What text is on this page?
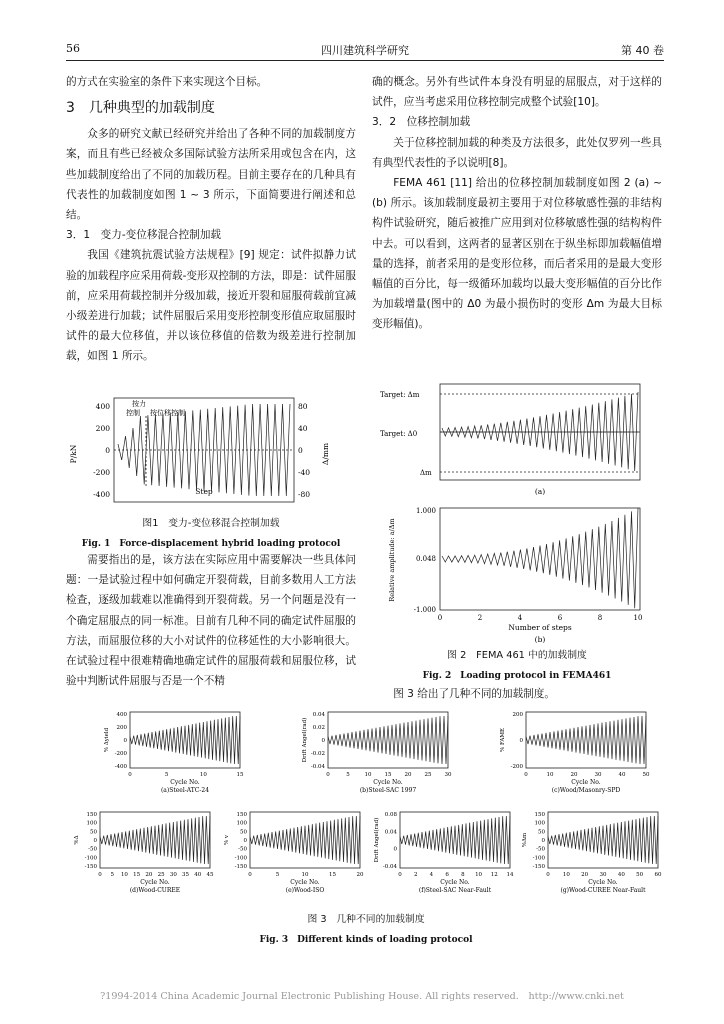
56	四川建筑科学研究	第 40 卷

的方式在实验室的条件下来实现这个目标。

3　几种典型的加载制度

众多的研究文献已经研究并给出了各种不同的加载制度方案，而且有些已经被众多国际试验方法所采用或包含在内，这些加载制度给出了不同的加载历程。目前主要存在的几种具有代表性的加载制度如图 1 ~ 3 所示，下面简要进行阐述和总结。

3．1　变力-变位移混合控制加载

我国《建筑抗震试验方法规程》[9] 规定：试件拟静力试验的加载程序应采用荷载-变形双控制的方法，即是：试件屈服前，应采用荷载控制并分级加载，接近开裂和屈服荷载前宜减小级差进行加载；试件屈服后采用变形控制变形值应取屈服时试件的最大位移值，并以该位移值的倍数为级差进行控制加载，如图 1 所示。

400
200
0
-200
-400
80
40
0
-40
-80
P/kN	Δ/mm
Step
按力
控制 按位移控制
图1　变力-变位移混合控制加载
Fig. 1　Force-displacement hybrid loading protocol

需要指出的是，该方法在实际应用中需要解决一些具体问题：一是试验过程中如何确定开裂荷载，目前多数用人工方法检查，逐级加载难以准确得到开裂荷载。另一个问题是没有一个确定屈服点的同一标准。目前有几种不同的确定试件屈服的方法，而屈服位移的大小对试件的位移延性的大小影响很大。在试验过程中很难精确地确定试件的屈服荷载和屈服位移，试验中判断试件屈服与否是一个不精

确的概念。另外有些试件本身没有明显的屈服点，对于这样的试件，应当考虑采用位移控制完成整个试验[10]。

3．2　位移控制加载

关于位移控制加载的种类及方法很多，此处仅罗列一些具有典型代表性的予以说明[8]。

FEMA 461 [11] 给出的位移控制加载制度如图 2 (a) ~ (b) 所示。该加载制度最初主要用于对位移敏感性强的非结构构件试验研究，随后被推广应用到对位移敏感性强的结构构件中去。可以看到，这两者的显著区别在于纵坐标即加载幅值增量的选择，前者采用的是变形位移，而后者采用的是最大变形幅值的百分比，每一级循环加载均以最大变形幅值的百分比作为加载增量(图中的 Δ0 为最小损伤时的变形 Δm 为最大目标变形幅值)。

Target: Δm
Target: Δ0
Δm
(a)
1.000
0.048
-1.000
0	2	4	6	8	10
Relative amplitude: a/Δm
Number of steps
(b)
图 2　FEMA 461 中的加载制度
Fig. 2　Loading protocol in FEMA461

图 3 给出了几种不同的加载制度。

400
200
0
-200
-400
0	5	10	15
% Δyield
Cycle No.
(a)Steel-ATC-24
0.04
0.02
0
-0.02
-0.04
0	5	10 15 20 25 30
Drift Angel(rad)
Cycle No.
(b)Steel-SAC 1997
200
0
-200
0	10	20	30	40	50
% FAME
Cycle No.
(c)Wood/Masonry-SPD
150
100
50
0
-50
-100
-150
0 5 10 15 20 25 30 35 40 45
%Δ
Cycle No.
(d)Wood-CUREE
150
100
50
0
-50
-100
-150
0	5	10	15	20
% v
Cycle No.
(e)Wood-ISO
0.08
0.04
0
-0.04
0 2 4 6 8 10 12 14
Drift Angel(rad)
Cycle No.
(f)Steel-SAC Near-Fault
150
100
50
0
-50
-100
-150
0 10 20 30 40 50 60
%Δm
Cycle No.
(g)Wood-CUREE Near-Fault
图 3　几种不同的加载制度
Fig. 3　Different kinds of loading protocol
?1994-2014 China Academic Journal Electronic Publishing House. All rights reserved.　http://www.cnki.net
